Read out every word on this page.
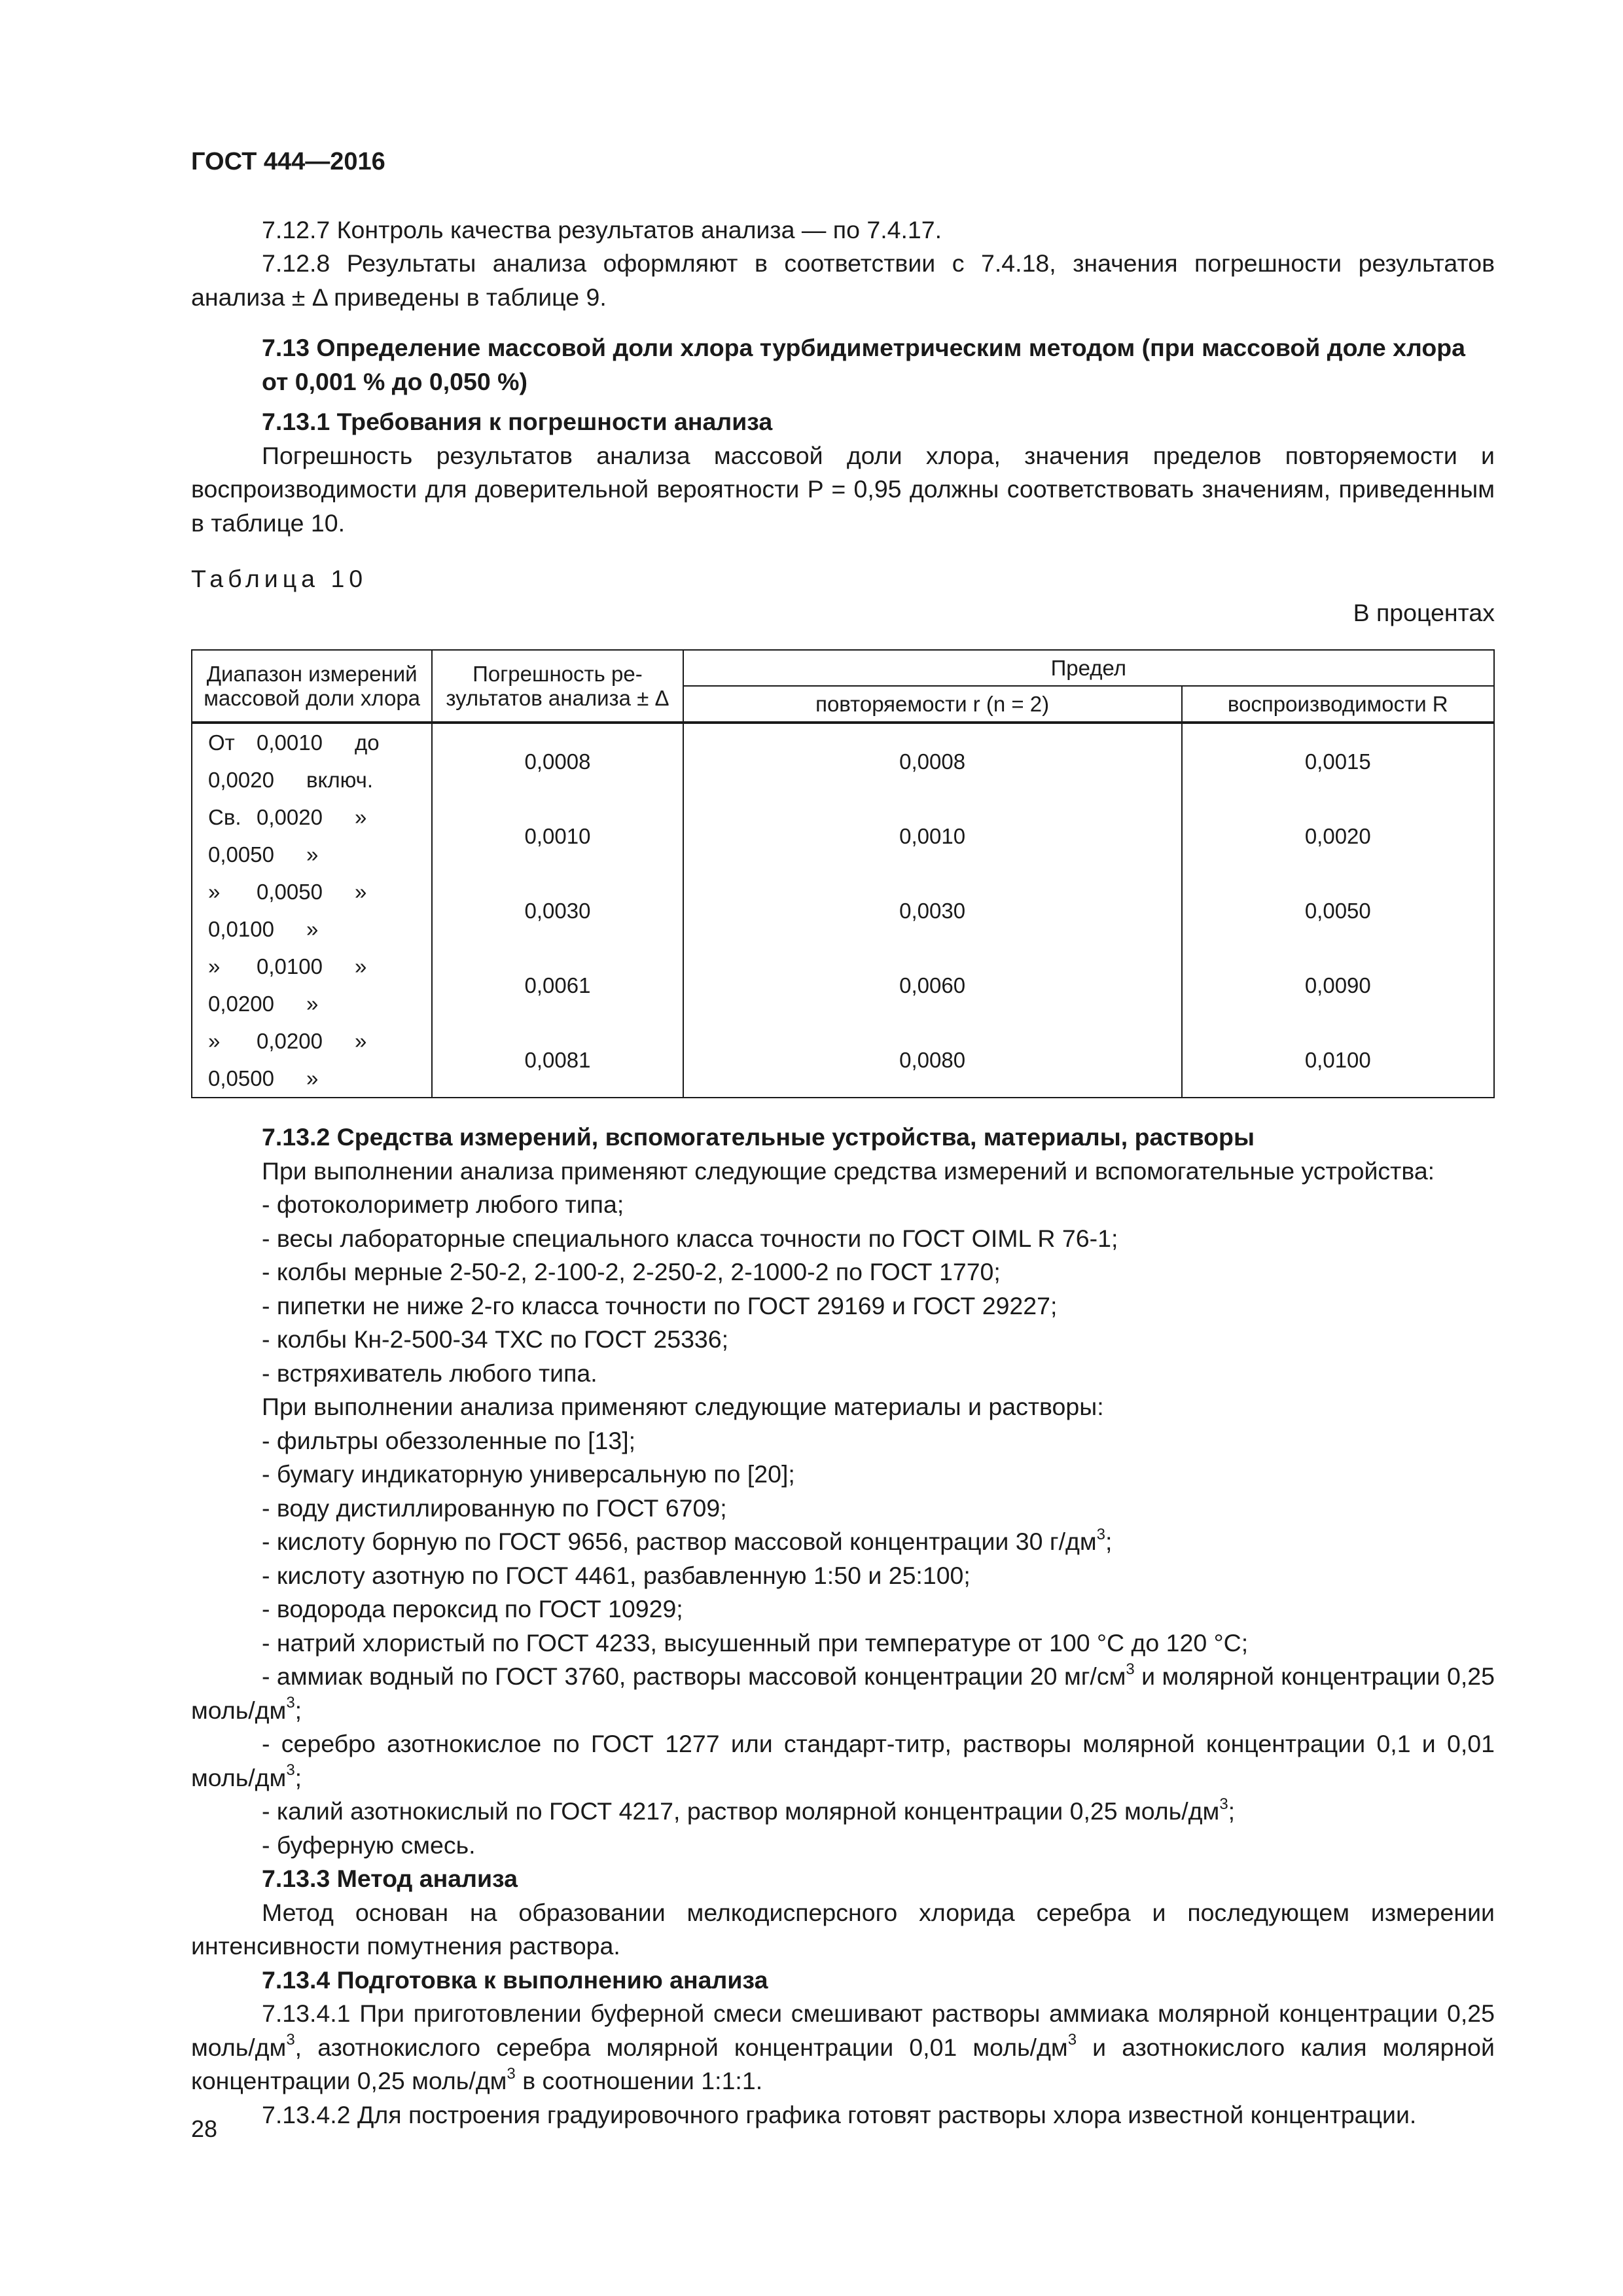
ГОСТ 444—2016

7.12.7 Контроль качества результатов анализа — по 7.4.17.

7.12.8 Результаты анализа оформляют в соответствии с 7.4.18, значения погрешности результатов анализа ± Δ приведены в таблице 9.

7.13 Определение массовой доли хлора турбидиметрическим методом (при массовой доле хлора от 0,001 % до 0,050 %)

7.13.1 Требования к погрешности анализа

Погрешность результатов анализа массовой доли хлора, значения пределов повторяемости и воспроизводимости для доверительной вероятности P = 0,95 должны соответствовать значениям, приведенным в таблице 10.

Таблица 10

В процентах

Диапазон измерений массовой доли хлора	Погрешность ре-зультатов анализа ± Δ	Предел	
		повторяемости r (n = 2)	воспроизводимости R
От 0,0010 до0,0020 включ.	0,0008	0,0008	0,0015
Св. 0,0020 »0,0050 »	0,0010	0,0010	0,0020
» 0,0050 »0,0100 »	0,0030	0,0030	0,0050
» 0,0100 »0,0200 »	0,0061	0,0060	0,0090
» 0,0200 »0,0500 »	0,0081	0,0080	0,0100

7.13.2 Средства измерений, вспомогательные устройства, материалы, растворы

При выполнении анализа применяют следующие средства измерений и вспомогательные устройства:

- фотоколориметр любого типа;

- весы лабораторные специального класса точности по ГОСТ OIML R 76-1;

- колбы мерные 2-50-2, 2-100-2, 2-250-2, 2-1000-2 по ГОСТ 1770;

- пипетки не ниже 2-го класса точности по ГОСТ 29169 и ГОСТ 29227;

- колбы Кн-2-500-34 ТХС по ГОСТ 25336;

- встряхиватель любого типа.

При выполнении анализа применяют следующие материалы и растворы:

- фильтры обеззоленные по [13];

- бумагу индикаторную универсальную по [20];

- воду дистиллированную по ГОСТ 6709;

- кислоту борную по ГОСТ 9656, раствор массовой концентрации 30 $г/дм^3$;

- кислоту азотную по ГОСТ 4461, разбавленную 1:50 и 25:100;

- водорода пероксид по ГОСТ 10929;

- натрий хлористый по ГОСТ 4233, высушенный при температуре от 100 °С до 120 °С;

- аммиак водный по ГОСТ 3760, растворы массовой концентрации 20 $мг/см^3$ и молярной концентрации 0,25 моль/$дм^3$;

- серебро азотнокислое по ГОСТ 1277 или стандарт-титр, растворы молярной концентрации 0,1 и 0,01 моль/$дм^3$;

- калий азотнокислый по ГОСТ 4217, раствор молярной концентрации 0,25 моль/$дм^3$;

- буферную смесь.

7.13.3 Метод анализа

Метод основан на образовании мелкодисперсного хлорида серебра и последующем измерении интенсивности помутнения раствора.

7.13.4 Подготовка к выполнению анализа

7.13.4.1 При приготовлении буферной смеси смешивают растворы аммиака молярной концентрации 0,25 моль/$дм^3$, азотнокислого серебра молярной концентрации 0,01 моль/$дм^3$ и азотнокислого калия молярной концентрации 0,25 моль/$дм^3$ в соотношении 1:1:1.

7.13.4.2 Для построения градуировочного графика готовят растворы хлора известной концентрации.

28
